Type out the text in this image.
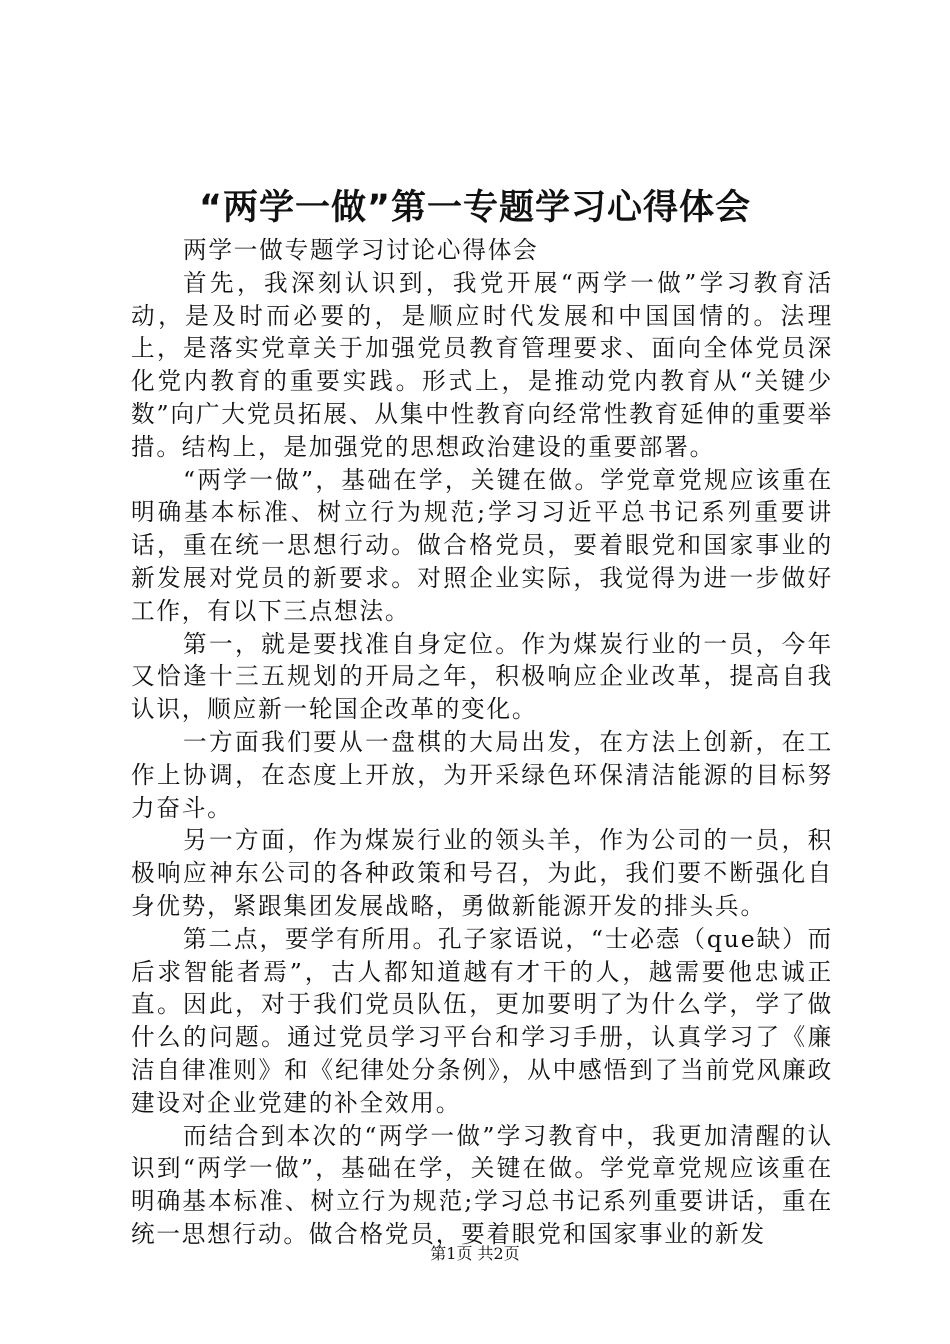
“两学一做”第一专题学习心得体会

两学一做专题学习讨论心得体会

首先，我深刻认识到，我党开展“两学一做”学习教育活动，是及时而必要的，是顺应时代发展和中国国情的。法理上，是落实党章关于加强党员教育管理要求、面向全体党员深化党内教育的重要实践。形式上，是推动党内教育从“关键少数”向广大党员拓展、从集中性教育向经常性教育延伸的重要举措。结构上，是加强党的思想政治建设的重要部署。

“两学一做”，基础在学，关键在做。学党章党规应该重在明确基本标准、树立行为规范;学习习近平总书记系列重要讲话，重在统一思想行动。做合格党员，要着眼党和国家事业的新发展对党员的新要求。对照企业实际，我觉得为进一步做好工作，有以下三点想法。

第一，就是要找准自身定位。作为煤炭行业的一员，今年又恰逢十三五规划的开局之年，积极响应企业改革，提高自我认识，顺应新一轮国企改革的变化。

一方面我们要从一盘棋的大局出发，在方法上创新，在工作上协调，在态度上开放，为开采绿色环保清洁能源的目标努力奋斗。

另一方面，作为煤炭行业的领头羊，作为公司的一员，积极响应神东公司的各种政策和号召，为此，我们要不断强化自身优势，紧跟集团发展战略，勇做新能源开发的排头兵。

第二点，要学有所用。孔子家语说，“士必悫（que缺）而后求智能者焉”，古人都知道越有才干的人，越需要他忠诚正直。因此，对于我们党员队伍，更加要明了为什么学，学了做什么的问题。通过党员学习平台和学习手册，认真学习了《廉洁自律准则》和《纪律处分条例》，从中感悟到了当前党风廉政建设对企业党建的补全效用。

而结合到本次的“两学一做”学习教育中，我更加清醒的认识到“两学一做”，基础在学，关键在做。学党章党规应该重在明确基本标准、树立行为规范;学习总书记系列重要讲话，重在统一思想行动。做合格党员，要着眼党和国家事业的新发

第1页 共2页
